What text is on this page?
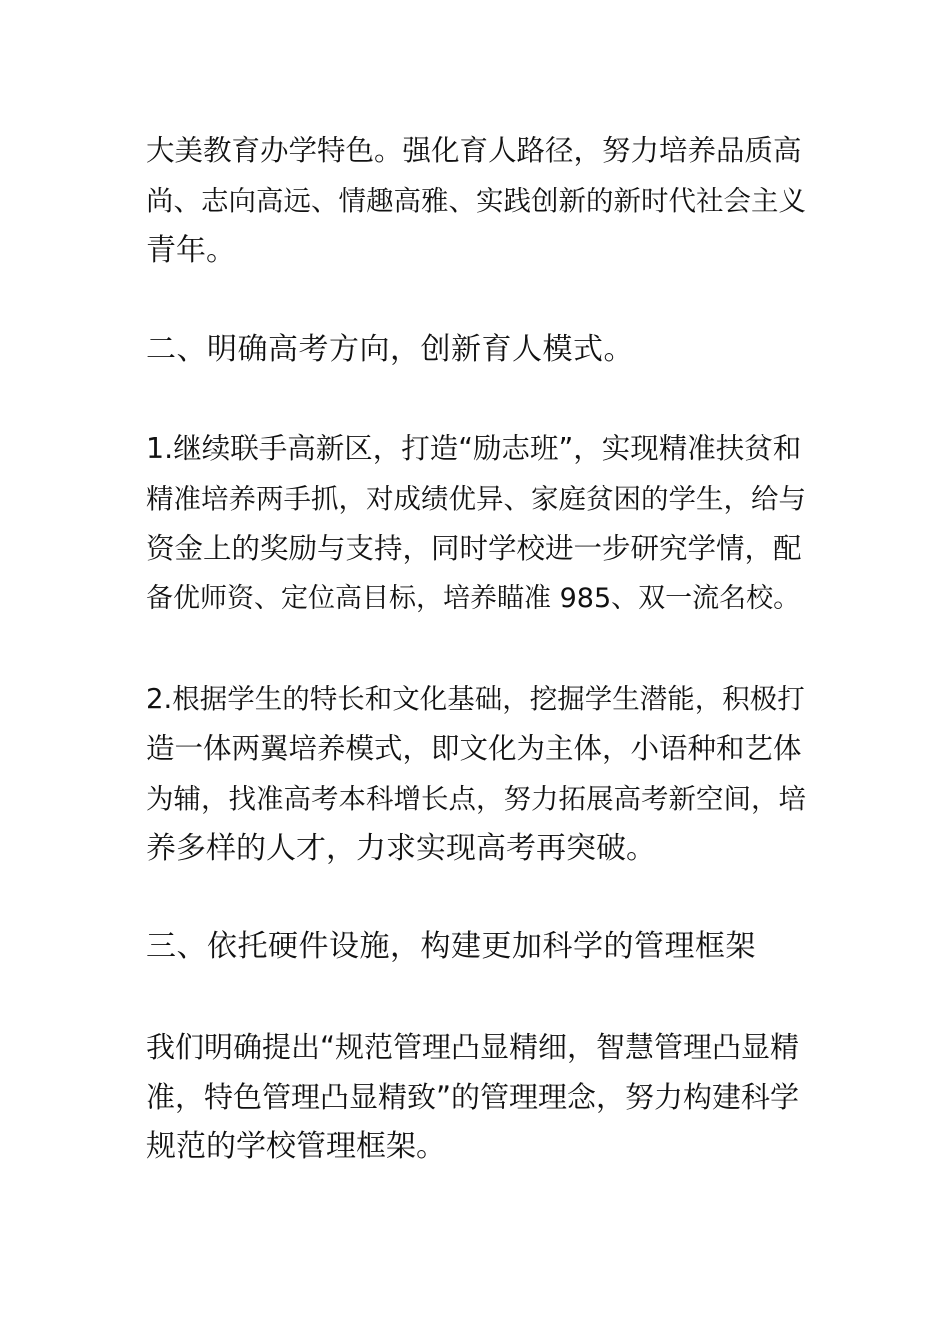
大美教育办学特色。强化育人路径，努力培养品质高
尚、志向高远、情趣高雅、实践创新的新时代社会主义
青年。
二、明确高考方向，创新育人模式。
1.继续联手高新区，打造“励志班”，实现精准扶贫和
精准培养两手抓，对成绩优异、家庭贫困的学生，给与
资金上的奖励与支持，同时学校进一步研究学情，配
备优师资、定位高目标，培养瞄准 985、双一流名校。
2.根据学生的特长和文化基础，挖掘学生潜能，积极打
造一体两翼培养模式，即文化为主体，小语种和艺体
为辅，找准高考本科增长点，努力拓展高考新空间，培
养多样的人才，力求实现高考再突破。
三、依托硬件设施，构建更加科学的管理框架
我们明确提出“规范管理凸显精细，智慧管理凸显精
准，特色管理凸显精致”的管理理念，努力构建科学
规范的学校管理框架。
